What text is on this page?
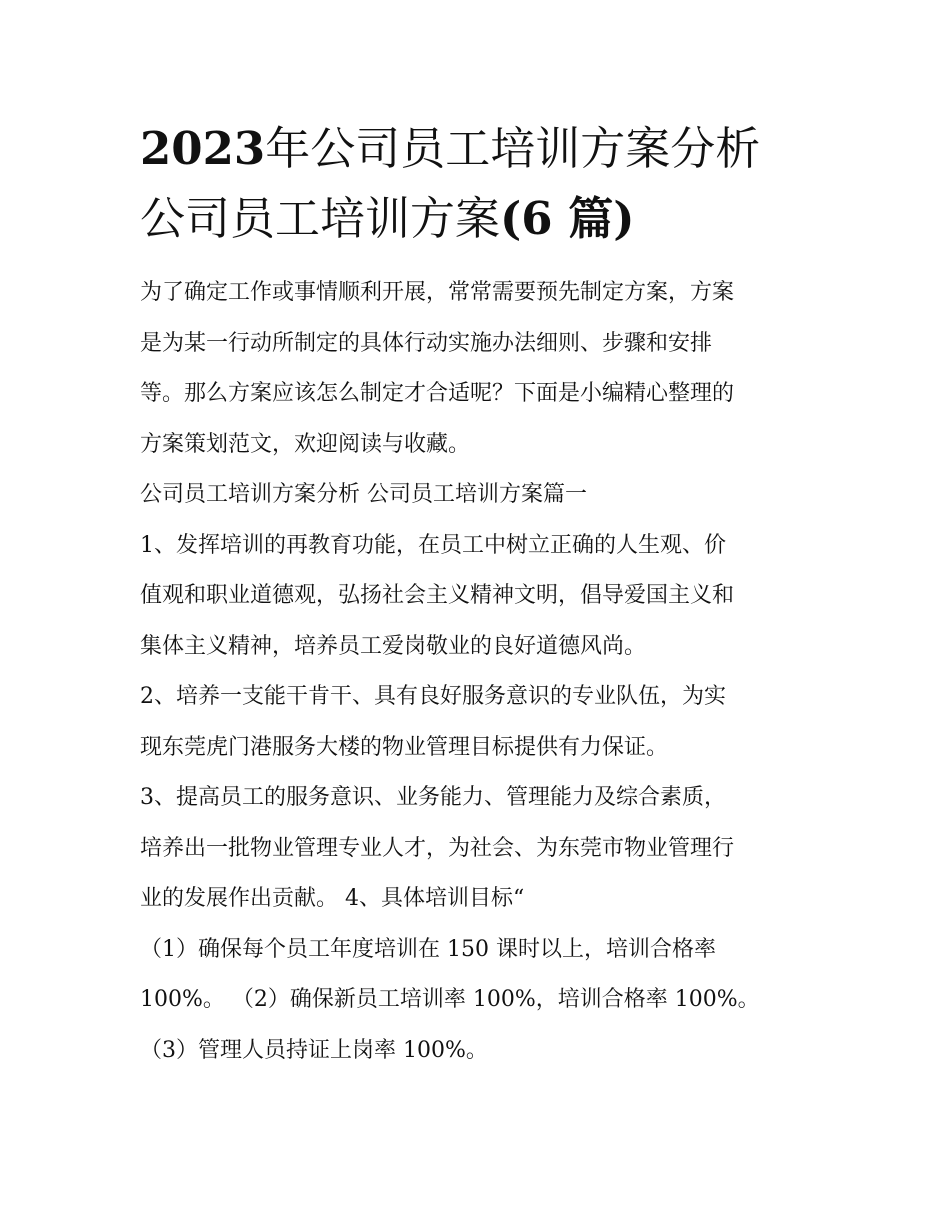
2023年公司员工培训方案分析
公司员工培训方案(6 篇)

为了确定工作或事情顺利开展，常常需要预先制定方案，方案
是为某一行动所制定的具体行动实施办法细则、步骤和安排
等。那么方案应该怎么制定才合适呢？下面是小编精心整理的
方案策划范文，欢迎阅读与收藏。

公司员工培训方案分析 公司员工培训方案篇一

1、发挥培训的再教育功能，在员工中树立正确的人生观、价
值观和职业道德观，弘扬社会主义精神文明，倡导爱国主义和
集体主义精神，培养员工爱岗敬业的良好道德风尚。

2、培养一支能干肯干、具有良好服务意识的专业队伍，为实
现东莞虎门港服务大楼的物业管理目标提供有力保证。

3、提高员工的服务意识、业务能力、管理能力及综合素质，
培养出一批物业管理专业人才，为社会、为东莞市物业管理行
业的发展作出贡献。 4、具体培训目标“
（1）确保每个员工年度培训在 150 课时以上，培训合格率
100%。 （2）确保新员工培训率 100%，培训合格率 100%。
（3）管理人员持证上岗率 100%。
